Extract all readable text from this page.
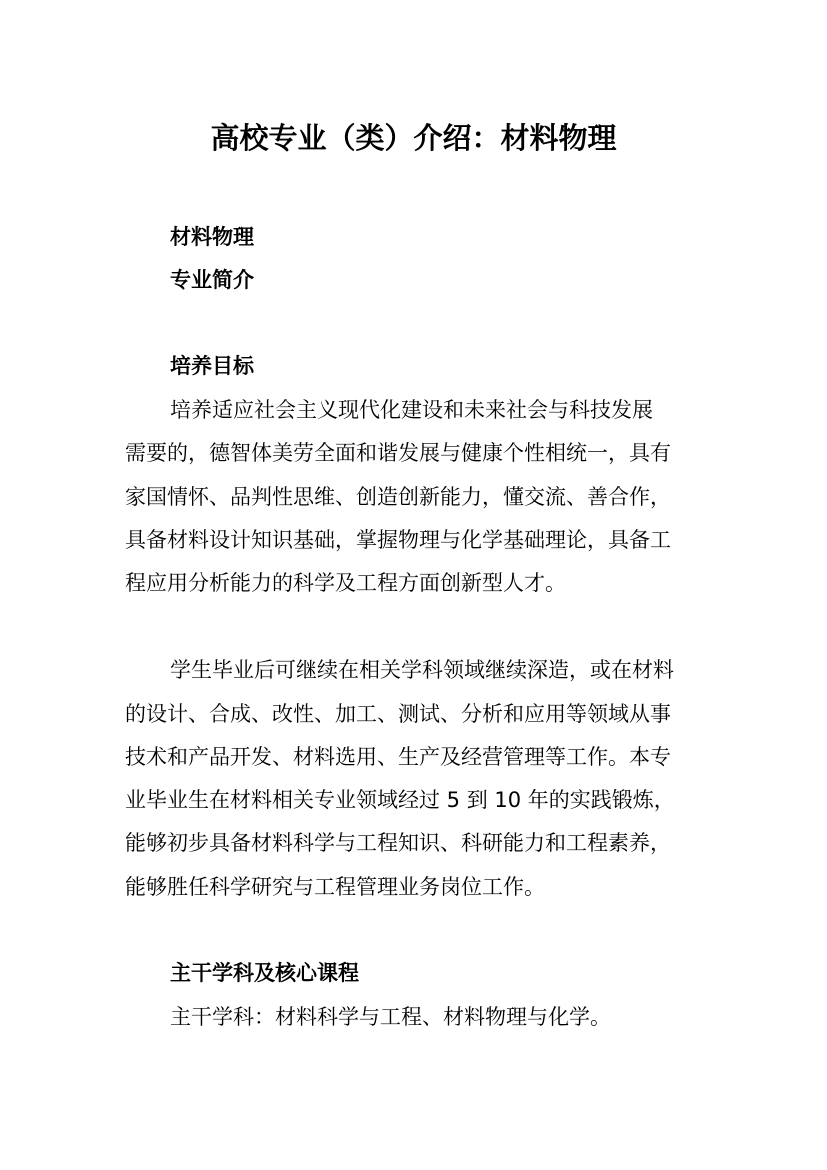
高校专业（类）介绍：材料物理
材料物理
专业简介
培养目标
培养适应社会主义现代化建设和未来社会与科技发展
需要的，德智体美劳全面和谐发展与健康个性相统一，具有
家国情怀、品判性思维、创造创新能力，懂交流、善合作，
具备材料设计知识基础，掌握物理与化学基础理论，具备工
程应用分析能力的科学及工程方面创新型人才。
学生毕业后可继续在相关学科领域继续深造，或在材料
的设计、合成、改性、加工、测试、分析和应用等领域从事
技术和产品开发、材料选用、生产及经营管理等工作。本专
业毕业生在材料相关专业领域经过 5 到 10 年的实践锻炼，
能够初步具备材料科学与工程知识、科研能力和工程素养，
能够胜任科学研究与工程管理业务岗位工作。
主干学科及核心课程
主干学科：材料科学与工程、材料物理与化学。
